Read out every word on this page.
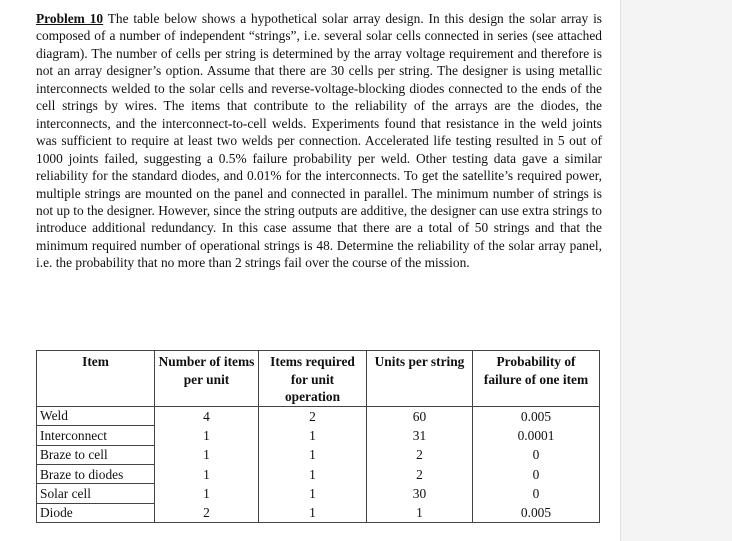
Problem 10 The table below shows a hypothetical solar array design. In this design the solar array is composed of a number of independent “strings”, i.e. several solar cells connected in series (see attached diagram). The number of cells per string is determined by the array voltage requirement and therefore is not an array designer’s option. Assume that there are 30 cells per string. The designer is using metallic interconnects welded to the solar cells and reverse-voltage-blocking diodes connected to the ends of the cell strings by wires. The items that contribute to the reliability of the arrays are the diodes, the interconnects, and the interconnect-to-cell welds. Experiments found that resistance in the weld joints was sufficient to require at least two welds per connection. Accelerated life testing resulted in 5 out of 1000 joints failed, suggesting a 0.5% failure probability per weld. Other testing data gave a similar reliability for the standard diodes, and 0.01% for the interconnects. To get the satellite’s required power, multiple strings are mounted on the panel and connected in parallel. The minimum number of strings is not up to the designer. However, since the string outputs are additive, the designer can use extra strings to introduce additional redundancy. In this case assume that there are a total of 50 strings and that the minimum required number of operational strings is 48. Determine the reliability of the solar array panel, i.e. the probability that no more than 2 strings fail over the course of the mission.

Item	Number of items per unit	Items required for unit operation	Units per string	Probability of failure of one item
Weld	4	2	60	0.005
Interconnect	1	1	31	0.0001
Braze to cell	1	1	2	0
Braze to diodes	1	1	2	0
Solar cell	1	1	30	0
Diode	2	1	1	0.005
